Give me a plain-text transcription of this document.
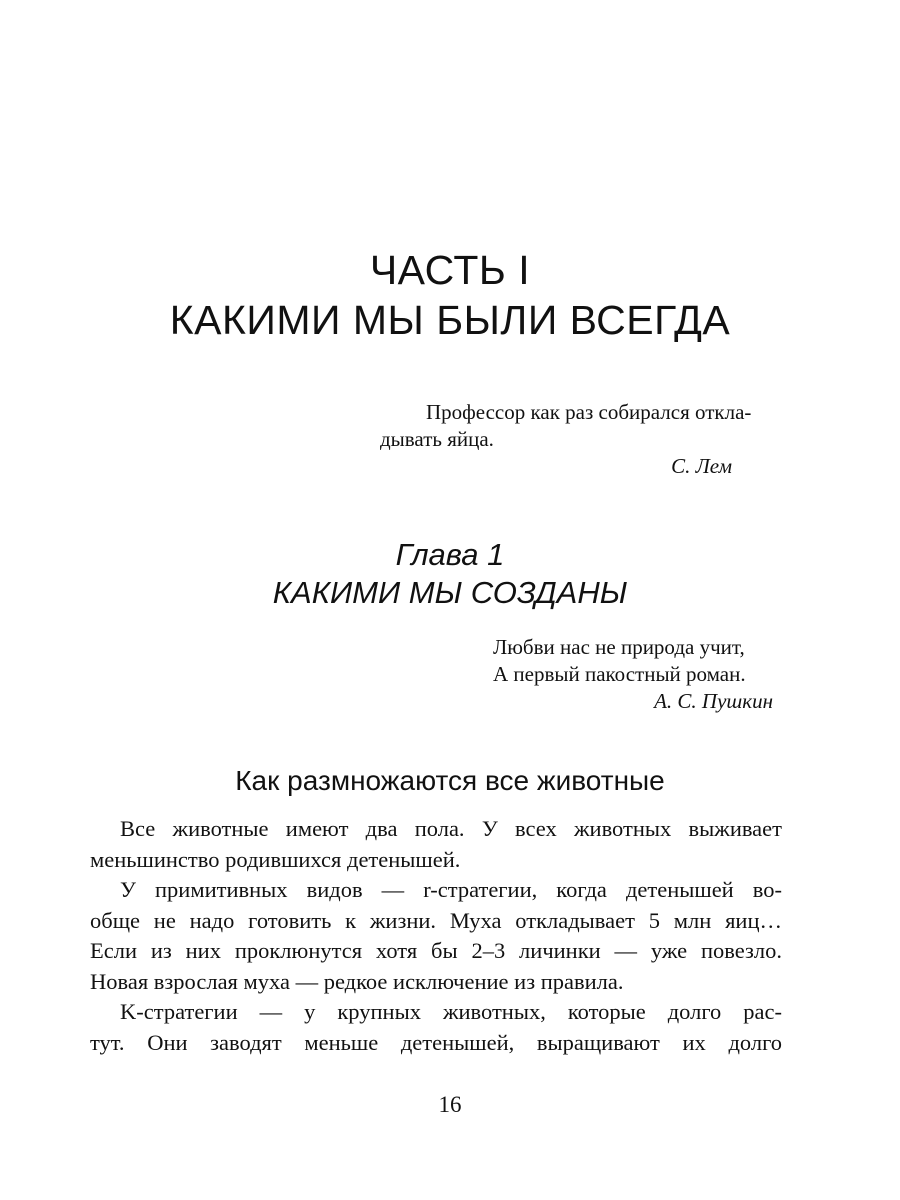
ЧАСТЬ I
КАКИМИ МЫ БЫЛИ ВСЕГДА
Профессор как раз собирался откла-
дывать яйца.
С. Лем
Глава 1
КАКИМИ МЫ СОЗДАНЫ
Любви нас не природа учит,
А первый пакостный роман.
А. С. Пушкин
Как размножаются все животные
Все животные имеют два пола. У всех животных выживает
меньшинство родившихся детенышей.
У примитивных видов — r-стратегии, когда детенышей во-
обще не надо готовить к жизни. Муха откладывает 5 млн яиц…
Если из них проклюнутся хотя бы 2–3 личинки — уже повезло.
Новая взрослая муха — редкое исключение из правила.
K-стратегии — у крупных животных, которые долго рас-
тут. Они заводят меньше детенышей, выращивают их долго
16
